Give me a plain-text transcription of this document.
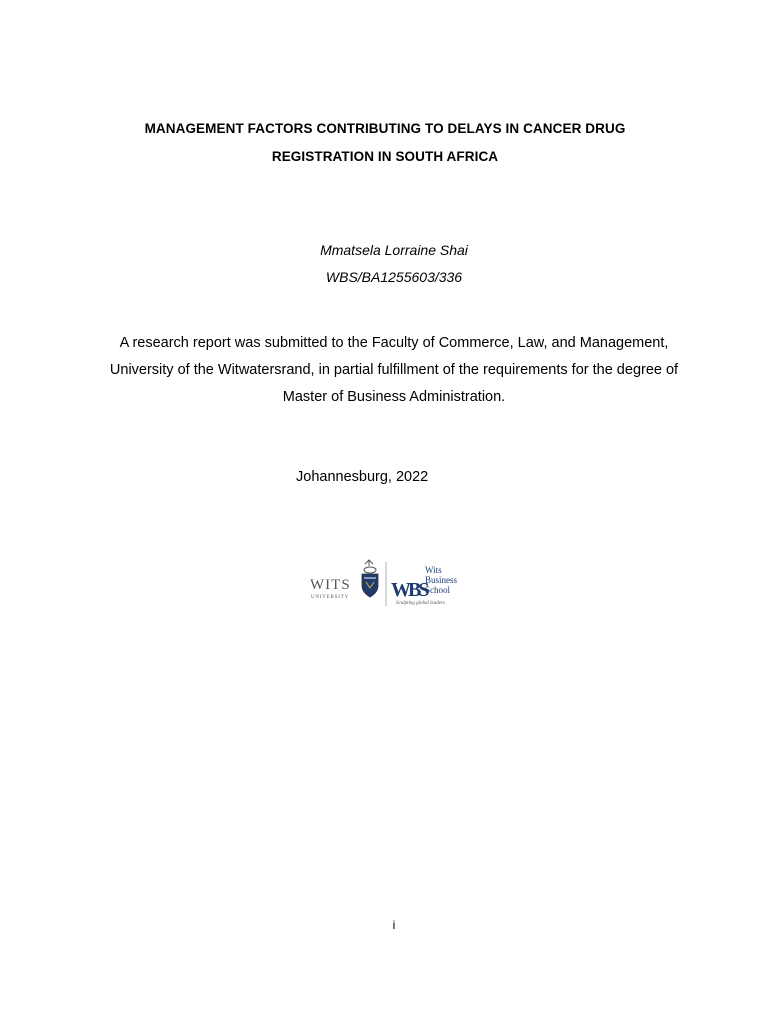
MANAGEMENT FACTORS CONTRIBUTING TO DELAYS IN CANCER DRUG
REGISTRATION IN SOUTH AFRICA
Mmatsela Lorraine Shai
WBS/BA1255603/336
A research report was submitted to the Faculty of Commerce, Law, and Management,
University of the Witwatersrand, in partial fulfillment of the requirements for the degree of
Master of Business Administration.
Johannesburg, 2022
WITS
UNIVERSITY WBS
Wits
Business
School
Sculpting global leaders
i
